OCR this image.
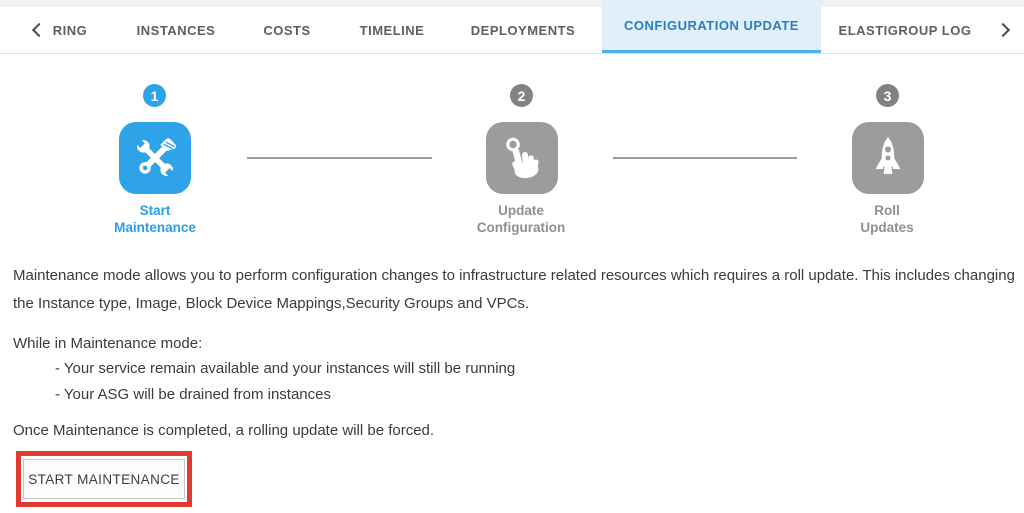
RING	INSTANCES	COSTS	TIMELINE	DEPLOYMENTS	CONFIGURATION UPDATE	ELASTIGROUP LOG
1
Start
Maintenance
2
Update
Configuration
3
Roll
Updates

Maintenance mode allows you to perform configuration changes to infrastructure related resources which requires a roll update. This includes changing the Instance type, Image, Block Device Mappings,Security Groups and VPCs.

While in Maintenance mode:

- Your service remain available and your instances will still be running

- Your ASG will be drained from instances

Once Maintenance is completed, a rolling update will be forced.

START MAINTENANCE
